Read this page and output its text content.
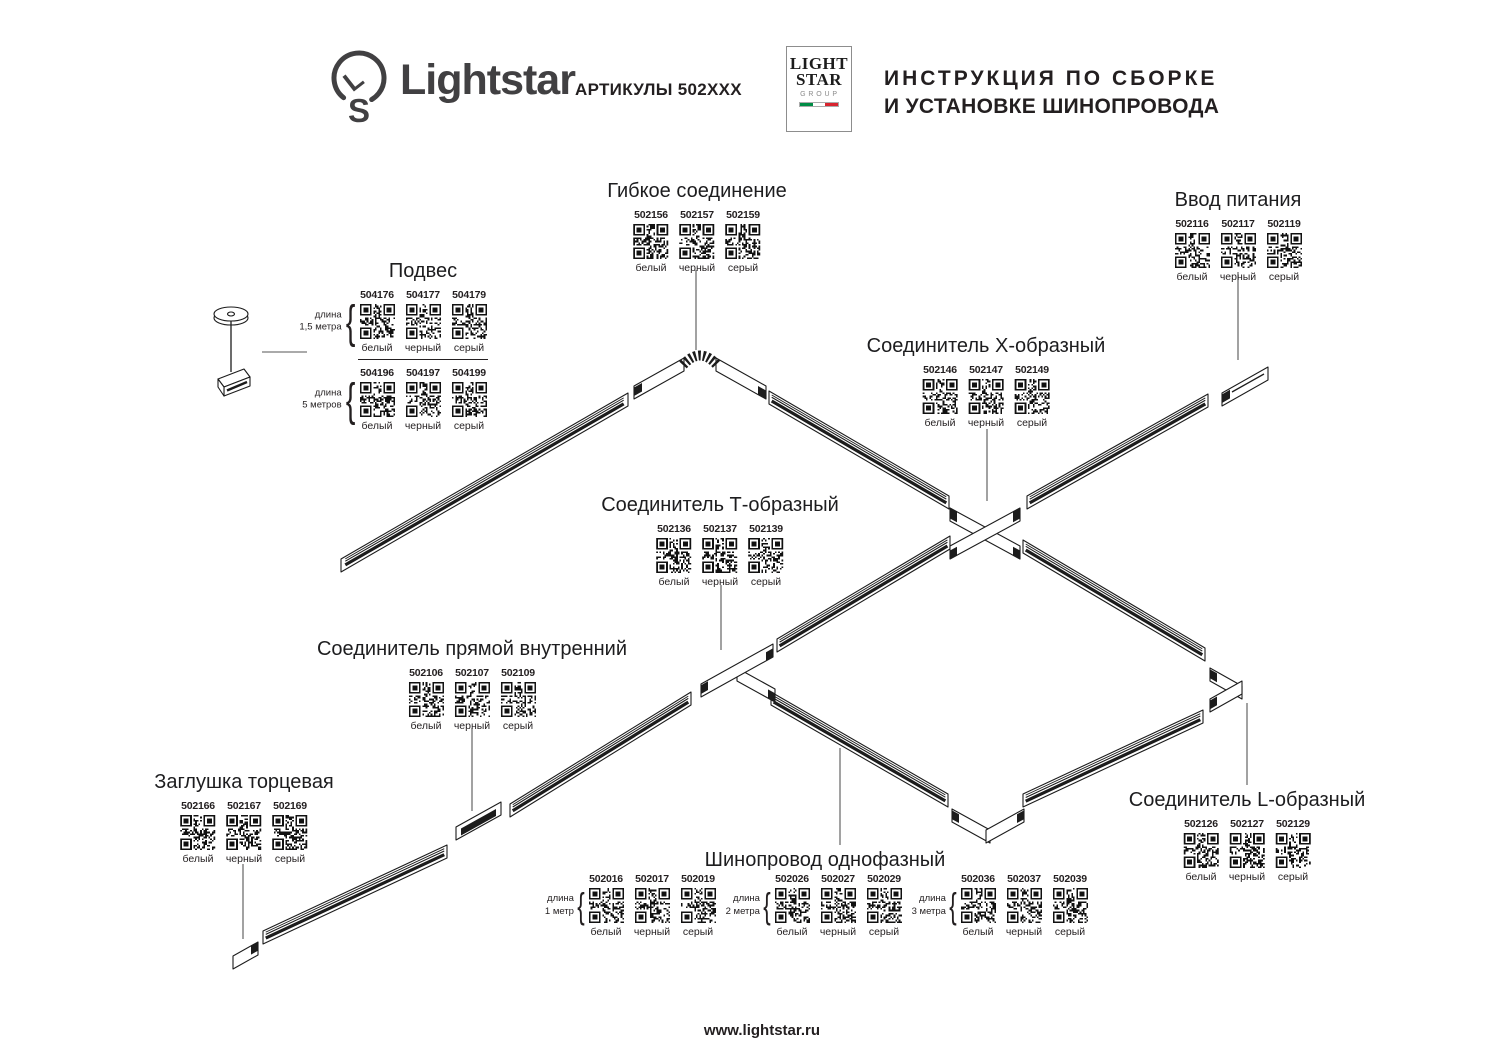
L
S
Lightstar АРТИКУЛЫ 502XXX
LIGHT
STAR
GROUP
ИНСТРУКЦИЯ ПО СБОРКЕ
И УСТАНОВКЕ ШИНОПРОВОДА
Гибкое соединение
502156
белый
502157
черный
502159
серый
Ввод питания
502116
белый
502117
черный
502119
серый
Подвес
длина
1,5 метра { 504176
белый
504177
черный
504179
серый
длина
5 метров { 504196
белый
504197
черный
504199
серый
Соединитель Х-образный
502146
белый
502147
черный
502149
серый
Соединитель Т-образный
502136
белый
502137
черный
502139
серый
Соединитель прямой внутренний
502106
белый
502107
черный
502109
серый
Заглушка торцевая
502166
белый
502167
черный
502169
серый
Соединитель L-образный
502126
белый
502127
черный
502129
серый
Шинопровод однофазный
длина
1 метр {
502016
белый
502017
черный
502019
серый
длина
2 метра {
502026
белый
502027
черный
502029
серый
длина
3 метра {
502036
белый
502037
черный
502039
серый
www.lightstar.ru
